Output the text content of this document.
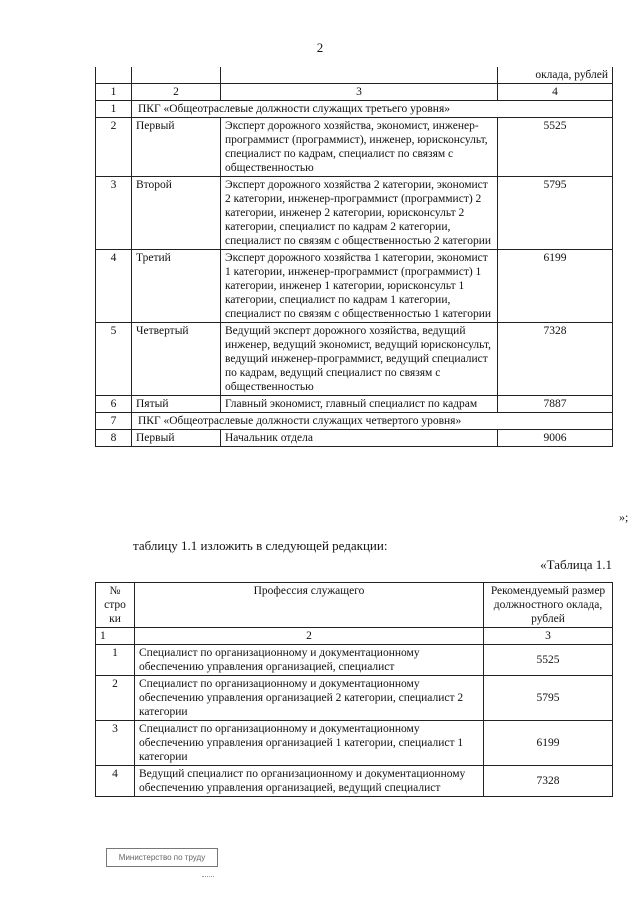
2
			оклада, рублей
1	2	3	4
1	ПКГ «Общеотраслевые должности служащих третьего уровня»		
2	Первый	Эксперт дорожного хозяйства, экономист, инженер-программист (программист), инженер, юрисконсульт, специалист по кадрам, специалист по связям с общественностью	5525
3	Второй	Эксперт дорожного хозяйства 2 категории, экономист 2 категории, инженер-программист (программист) 2 категории, инженер 2 категории, юрисконсульт 2 категории, специалист по кадрам 2 категории, специалист по связям с общественностью 2 категории	5795
4	Третий	Эксперт дорожного хозяйства 1 категории, экономист 1 категории, инженер-программист (программист) 1 категории, инженер 1 категории, юрисконсульт 1 категории, специалист по кадрам 1 категории, специалист по связям с общественностью 1 категории	6199
5	Четвертый	Ведущий эксперт дорожного хозяйства, ведущий инженер, ведущий экономист, ведущий юрисконсульт, ведущий инженер-программист, ведущий специалист по кадрам, ведущий специалист по связям с общественностью	7328
6	Пятый	Главный экономист, главный специалист по кадрам	7887
7	ПКГ «Общеотраслевые должности служащих четвертого уровня»		
8	Первый	Начальник отдела	9006
»;
таблицу 1.1 изложить в следующей редакции:
«Таблица 1.1
№ стро ки	Профессия служащего	Рекомендуемый размер должностного оклада, рублей
1	2	3
1	Специалист по организационному и документационному обеспечению управления организацией, специалист	5525
2	Специалист по организационному и документационному обеспечению управления организацией 2 категории, специалист 2 категории	5795
3	Специалист по организационному и документационному обеспечению управления организацией 1 категории, специалист 1 категории	6199
4	Ведущий специалист по организационному и документационному обеспечению управления организацией, ведущий специалист	7328
Министерство по труду
